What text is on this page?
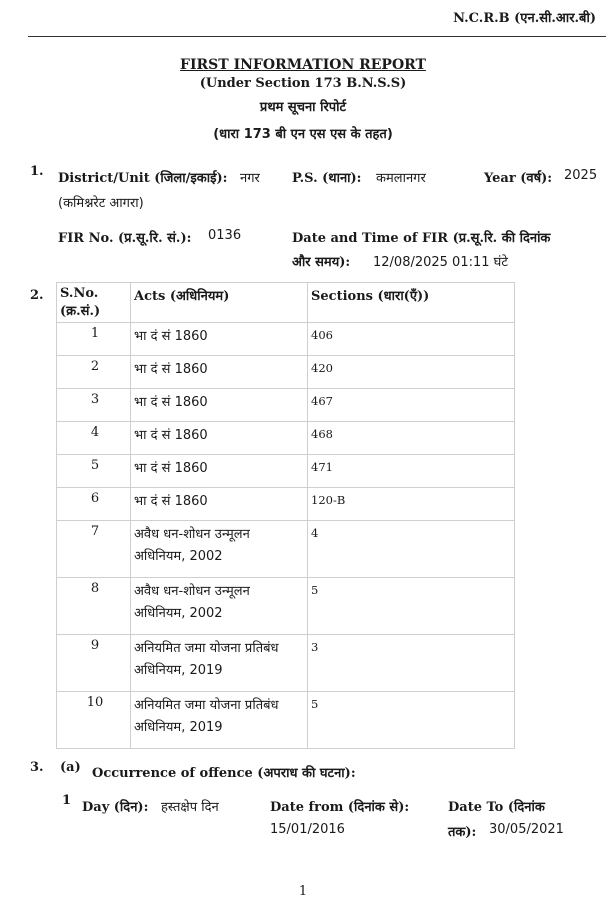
N.C.R.B (एन.सी.आर.बी)
FIRST INFORMATION REPORT
(Under Section 173 B.N.S.S)
प्रथम सूचना रिपोर्ट
(धारा 173 बी एन एस एस के तहत)
1. District/Unit (जिला/इकाई): नगर
(कमिश्नरेट आगरा)
P.S. (थाना): कमलानगर	Year (वर्ष): 2025
FIR No. (प्र.सू.रि. सं.): 0136	Date and Time of FIR (प्र.सू.रि. की दिनांक
और समय): 12/08/2025 01:11 घंटे
2. S.No.
(क्र.सं.)	Acts (अधिनियम)	Sections (धारा(एँ))
1	भा दं सं 1860	406
2	भा दं सं 1860	420
3	भा दं सं 1860	467
4	भा दं सं 1860	468
5	भा दं सं 1860	471
6	भा दं सं 1860	120-B
7	अवैध धन-शोधन उन्मूलन अधिनियम, 2002	4
8	अवैध धन-शोधन उन्मूलन अधिनियम, 2002	5
9	अनियमित जमा योजना प्रतिबंध अधिनियम, 2019	3
10	अनियमित जमा योजना प्रतिबंध अधिनियम, 2019	5
3. (a) Occurrence of offence (अपराध की घटना):
1 Day (दिन): हस्तक्षेप दिन	Date from (दिनांक से):
15/01/2016
Date To (दिनांक
तक): 30/05/2021
1
